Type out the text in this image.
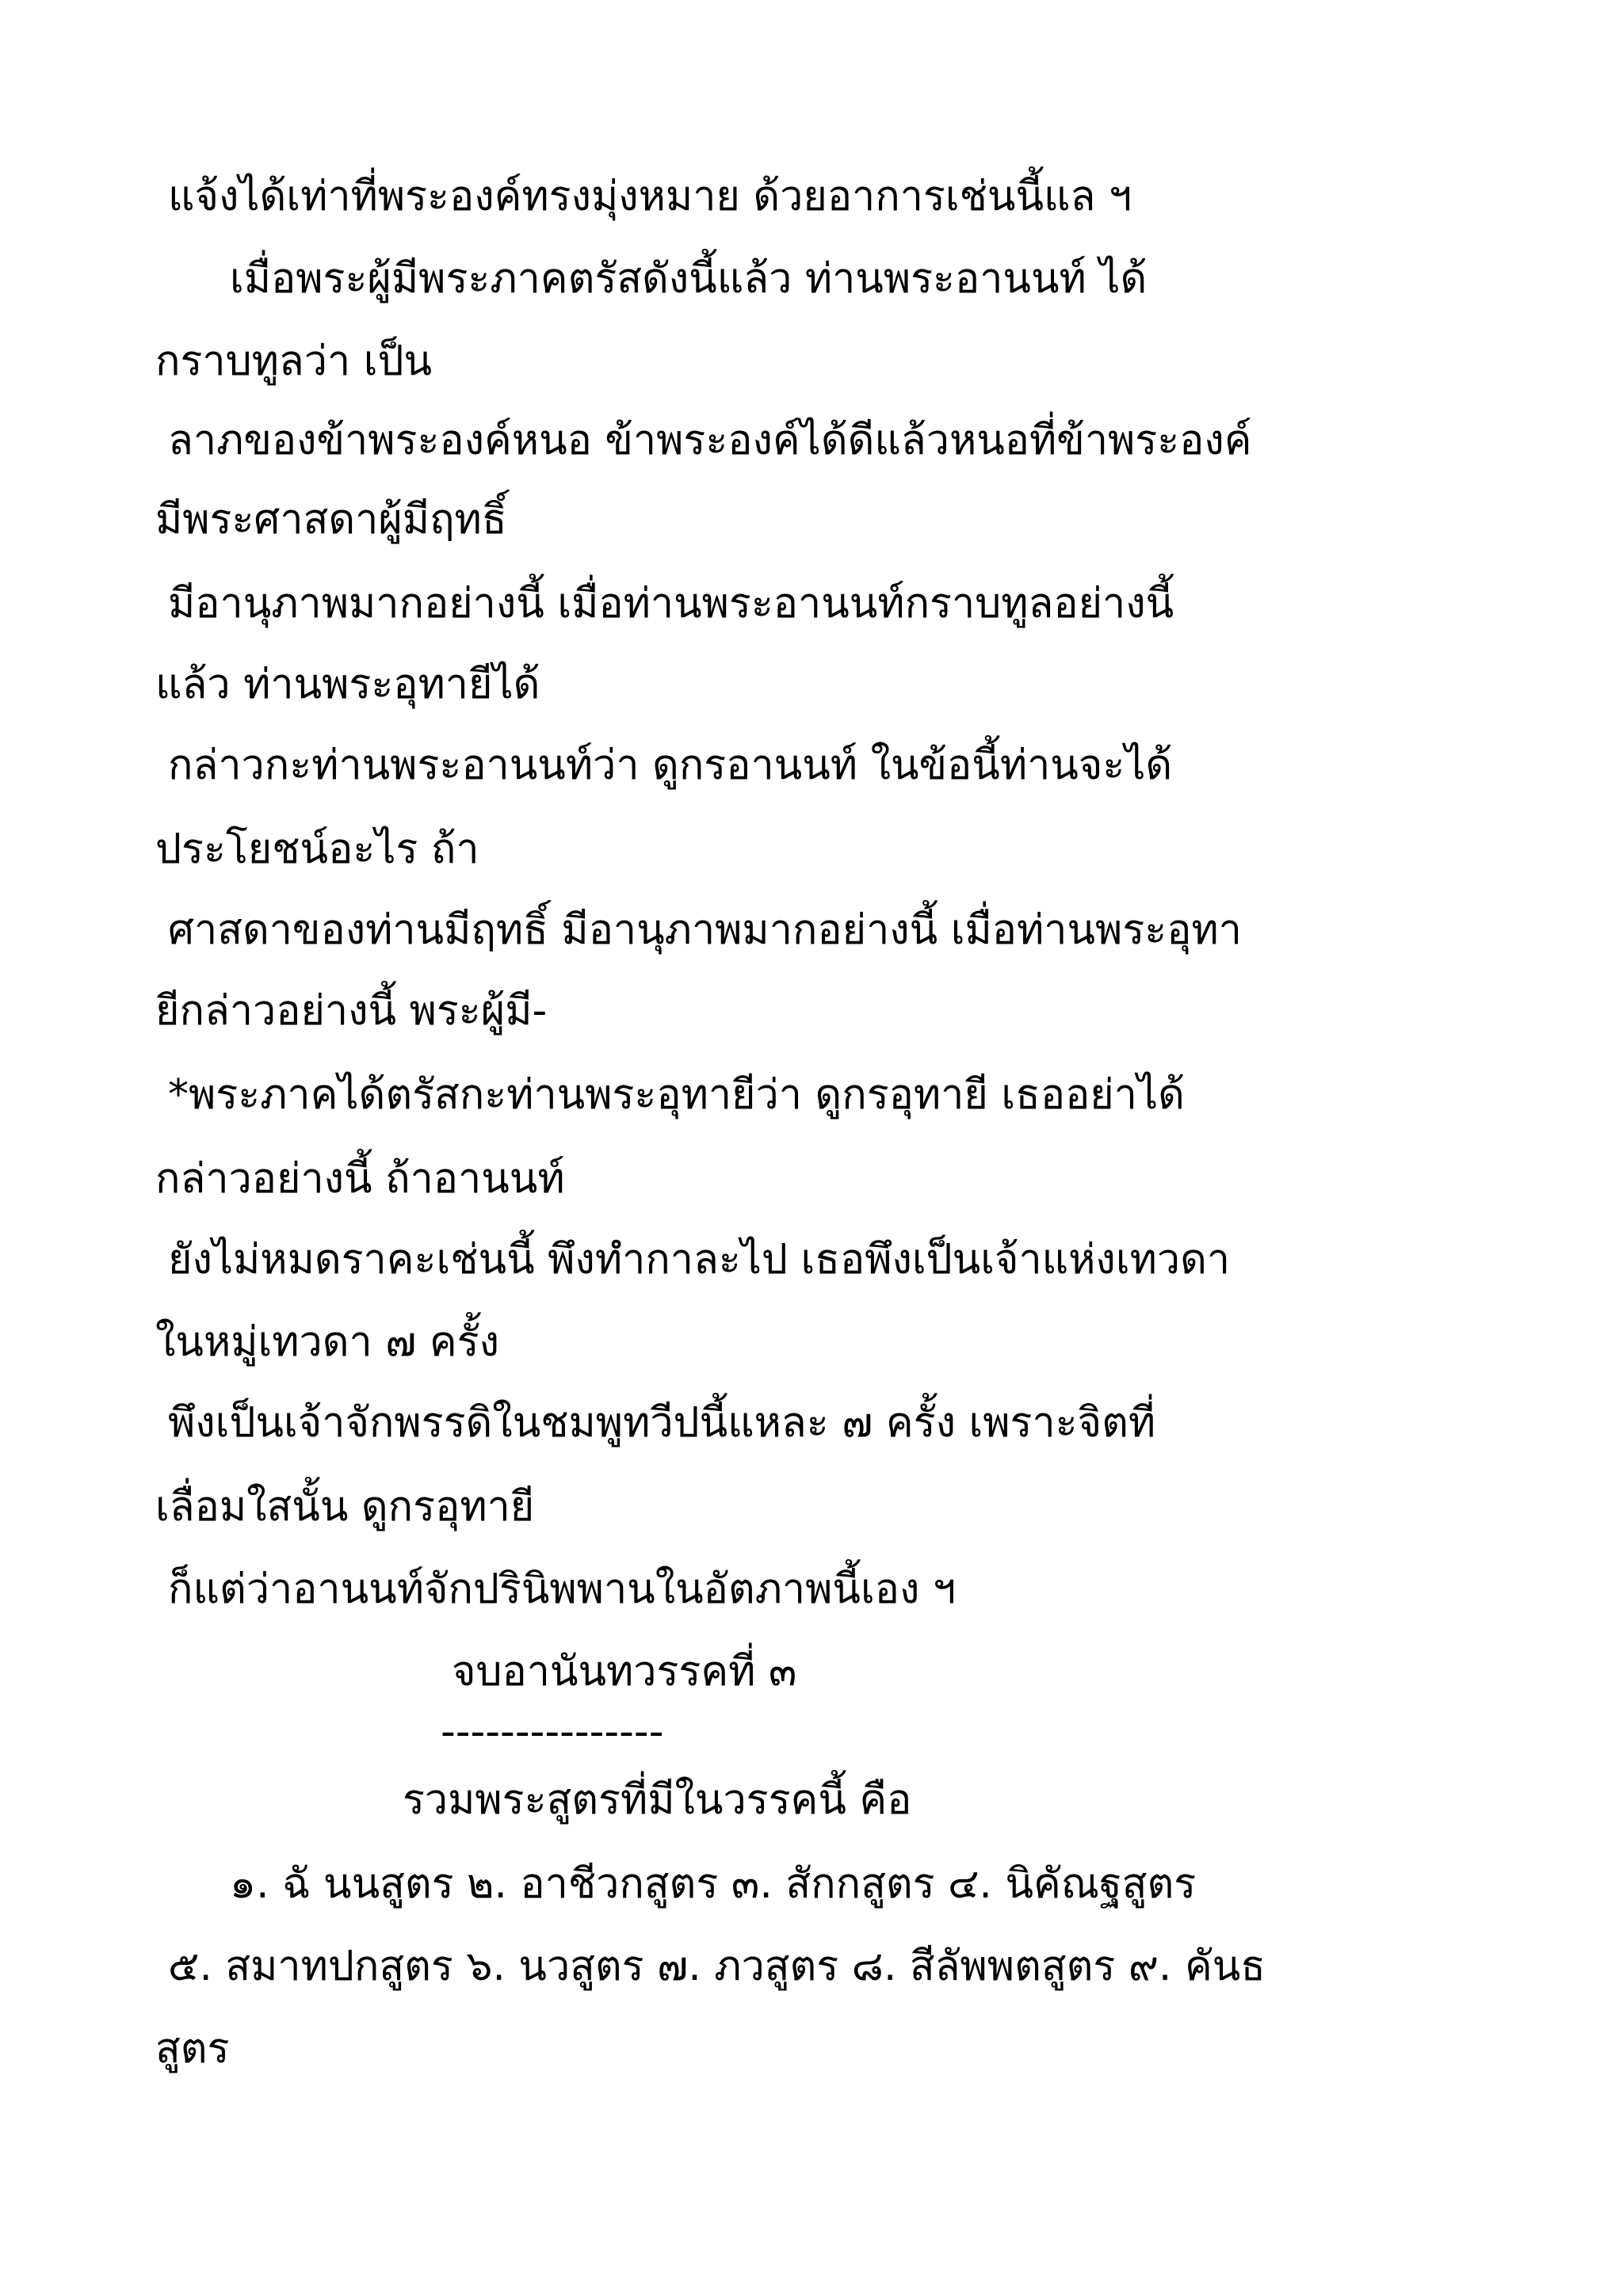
แจ้งได้เท่าที่พระองค์ทรงมุ่งหมาย ด้วยอาการเช่นนี้แล ฯ
เมื่อพระผู้มีพระภาคตรัสดังนี้แล้ว ท่านพระอานนท์ ได้
กราบทูลว่า เป็น
ลาภของข้าพระองค์หนอ ข้าพระองค์ได้ดีแล้วหนอที่ข้าพระองค์
มีพระศาสดาผู้มีฤทธิ์
มีอานุภาพมากอย่างนี้ เมื่อท่านพระอานนท์กราบทูลอย่างนี้
แล้ว ท่านพระอุทายีได้
กล่าวกะท่านพระอานนท์ว่า ดูกรอานนท์ ในข้อนี้ท่านจะได้
ประโยชน์อะไร ถ้า
ศาสดาของท่านมีฤทธิ์ มีอานุภาพมากอย่างนี้ เมื่อท่านพระอุทา
ยีกล่าวอย่างนี้ พระผู้มี-
*พระภาคได้ตรัสกะท่านพระอุทายีว่า ดูกรอุทายี เธออย่าได้
กล่าวอย่างนี้ ถ้าอานนท์
ยังไม่หมดราคะเช่นนี้ พึงทำกาละไป เธอพึงเป็นเจ้าแห่งเทวดา
ในหมู่เทวดา ๗ ครั้ง
พึงเป็นเจ้าจักพรรดิในชมพูทวีปนี้แหละ ๗ ครั้ง เพราะจิตที่
เลื่อมใสนั้น ดูกรอุทายี
ก็แต่ว่าอานนท์จักปรินิพพานในอัตภาพนี้เอง ฯ
จบอานันทวรรคที่ ๓
---------------
รวมพระสูตรที่มีในวรรคนี้ คือ
๑. ฉั นนสูตร ๒. อาชีวกสูตร ๓. สักกสูตร ๔. นิคัณฐสูตร
๕. สมาทปกสูตร ๖. นวสูตร ๗. ภวสูตร ๘. สีลัพพตสูตร ๙. คันธ
สูตร
